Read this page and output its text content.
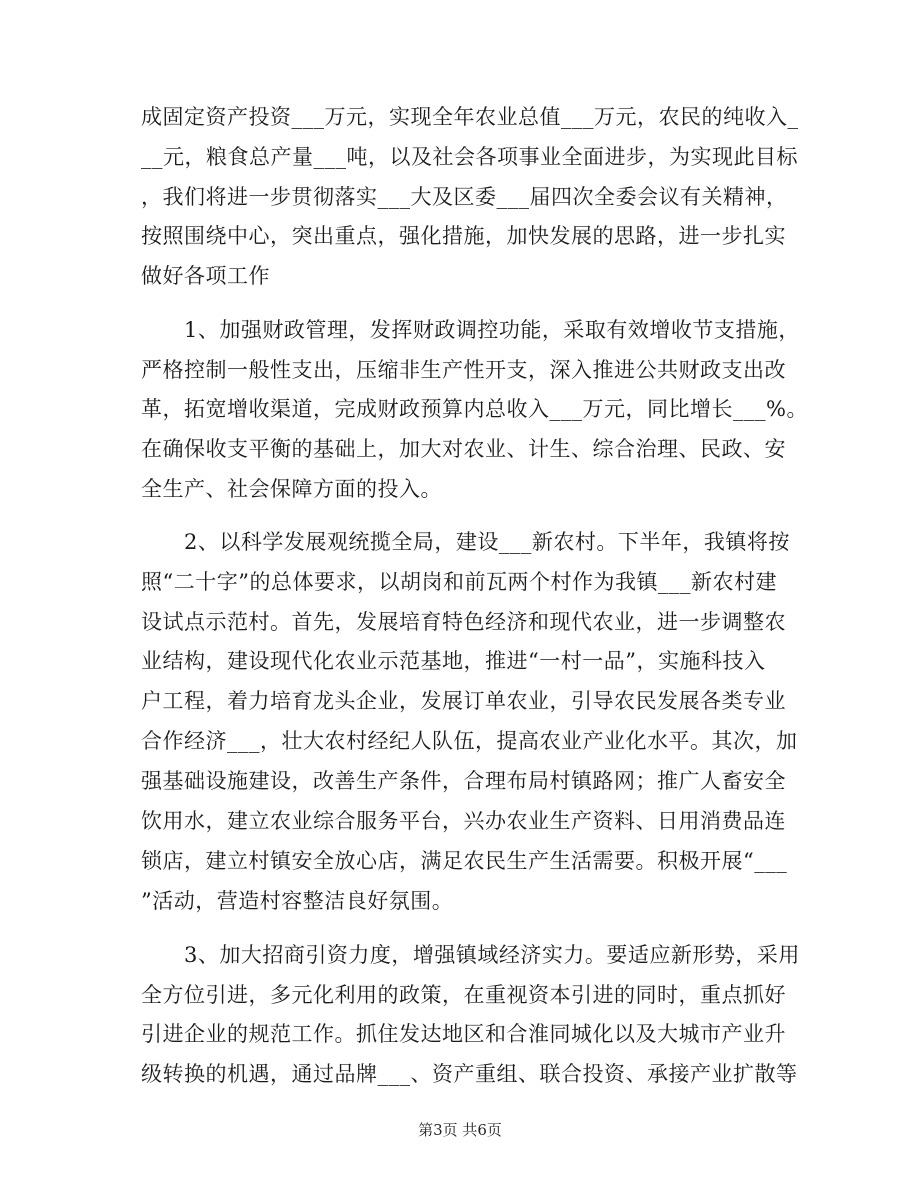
成固定资产投资___万元，实现全年农业总值___万元，农民的纯收入_
__元，粮食总产量___吨，以及社会各项事业全面进步，为实现此目标
，我们将进一步贯彻落实___大及区委___届四次全委会议有关精神，
按照围绕中心，突出重点，强化措施，加快发展的思路，进一步扎实
做好各项工作
　　1、加强财政管理，发挥财政调控功能，采取有效增收节支措施，
严格控制一般性支出，压缩非生产性开支，深入推进公共财政支出改
革，拓宽增收渠道，完成财政预算内总收入___万元，同比增长___%。
在确保收支平衡的基础上，加大对农业、计生、综合治理、民政、安
全生产、社会保障方面的投入。
　　2、以科学发展观统揽全局，建设___新农村。下半年，我镇将按
照“二十字”的总体要求，以胡岗和前瓦两个村作为我镇___新农村建
设试点示范村。首先，发展培育特色经济和现代农业，进一步调整农
业结构，建设现代化农业示范基地，推进“一村一品”，实施科技入
户工程，着力培育龙头企业，发展订单农业，引导农民发展各类专业
合作经济___，壮大农村经纪人队伍，提高农业产业化水平。其次，加
强基础设施建设，改善生产条件，合理布局村镇路网；推广人畜安全
饮用水，建立农业综合服务平台，兴办农业生产资料、日用消费品连
锁店，建立村镇安全放心店，满足农民生产生活需要。积极开展“___
”活动，营造村容整洁良好氛围。
　　3、加大招商引资力度，增强镇域经济实力。要适应新形势，采用
全方位引进，多元化利用的政策，在重视资本引进的同时，重点抓好
引进企业的规范工作。抓住发达地区和合淮同城化以及大城市产业升
级转换的机遇，通过品牌___、资产重组、联合投资、承接产业扩散等
第3页 共6页
